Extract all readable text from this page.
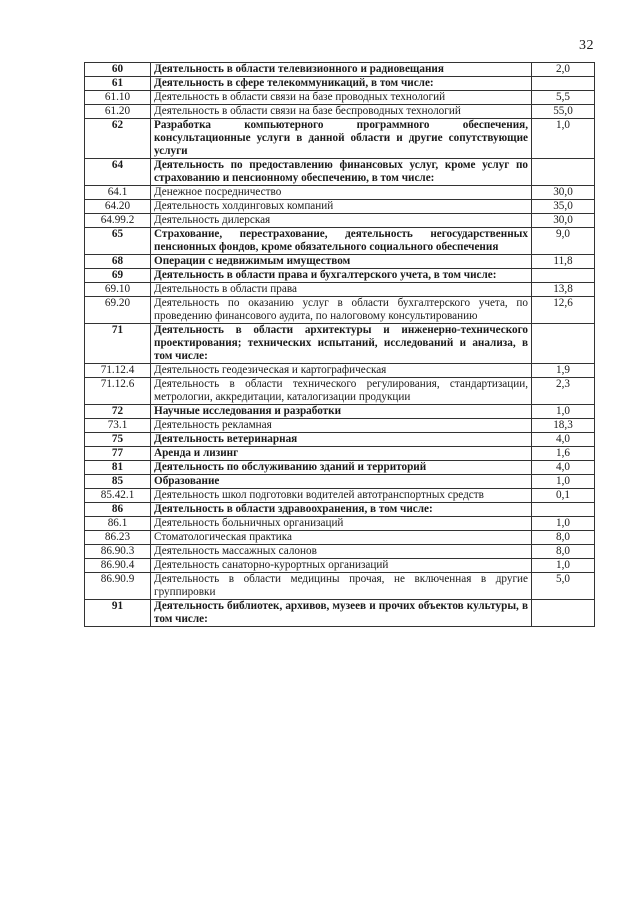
32
60	Деятельность в области телевизионного и радиовещания	2,0
61	Деятельность в сфере телекоммуникаций, в том числе:	
61.10	Деятельность в области связи на базе проводных технологий	5,5
61.20	Деятельность в области связи на базе беспроводных технологий	55,0
62	Разработка компьютерного программного обеспечения, консультационные услуги в данной области и другие сопутствующие услуги	1,0
64	Деятельность по предоставлению финансовых услуг, кроме услуг по страхованию и пенсионному обеспечению, в том числе:	
64.1	Денежное посредничество	30,0
64.20	Деятельность холдинговых компаний	35,0
64.99.2	Деятельность дилерская	30,0
65	Страхование, перестрахование, деятельность негосударственных пенсионных фондов, кроме обязательного социального обеспечения	9,0
68	Операции с недвижимым имуществом	11,8
69	Деятельность в области права и бухгалтерского учета, в том числе:	
69.10	Деятельность в области права	13,8
69.20	Деятельность по оказанию услуг в области бухгалтерского учета, по проведению финансового аудита, по налоговому консультированию	12,6
71	Деятельность в области архитектуры и инженерно-технического проектирования; технических испытаний, исследований и анализа, в том числе:	
71.12.4	Деятельность геодезическая и картографическая	1,9
71.12.6	Деятельность в области технического регулирования, стандартизации, метрологии, аккредитации, каталогизации продукции	2,3
72	Научные исследования и разработки	1,0
73.1	Деятельность рекламная	18,3
75	Деятельность ветеринарная	4,0
77	Аренда и лизинг	1,6
81	Деятельность по обслуживанию зданий и территорий	4,0
85	Образование	1,0
85.42.1	Деятельность школ подготовки водителей автотранспортных средств	0,1
86	Деятельность в области здравоохранения, в том числе:	
86.1	Деятельность больничных организаций	1,0
86.23	Стоматологическая практика	8,0
86.90.3	Деятельность массажных салонов	8,0
86.90.4	Деятельность санаторно-курортных организаций	1,0
86.90.9	Деятельность в области медицины прочая, не включенная в другие группировки	5,0
91	Деятельность библиотек, архивов, музеев и прочих объектов культуры, в том числе:	
